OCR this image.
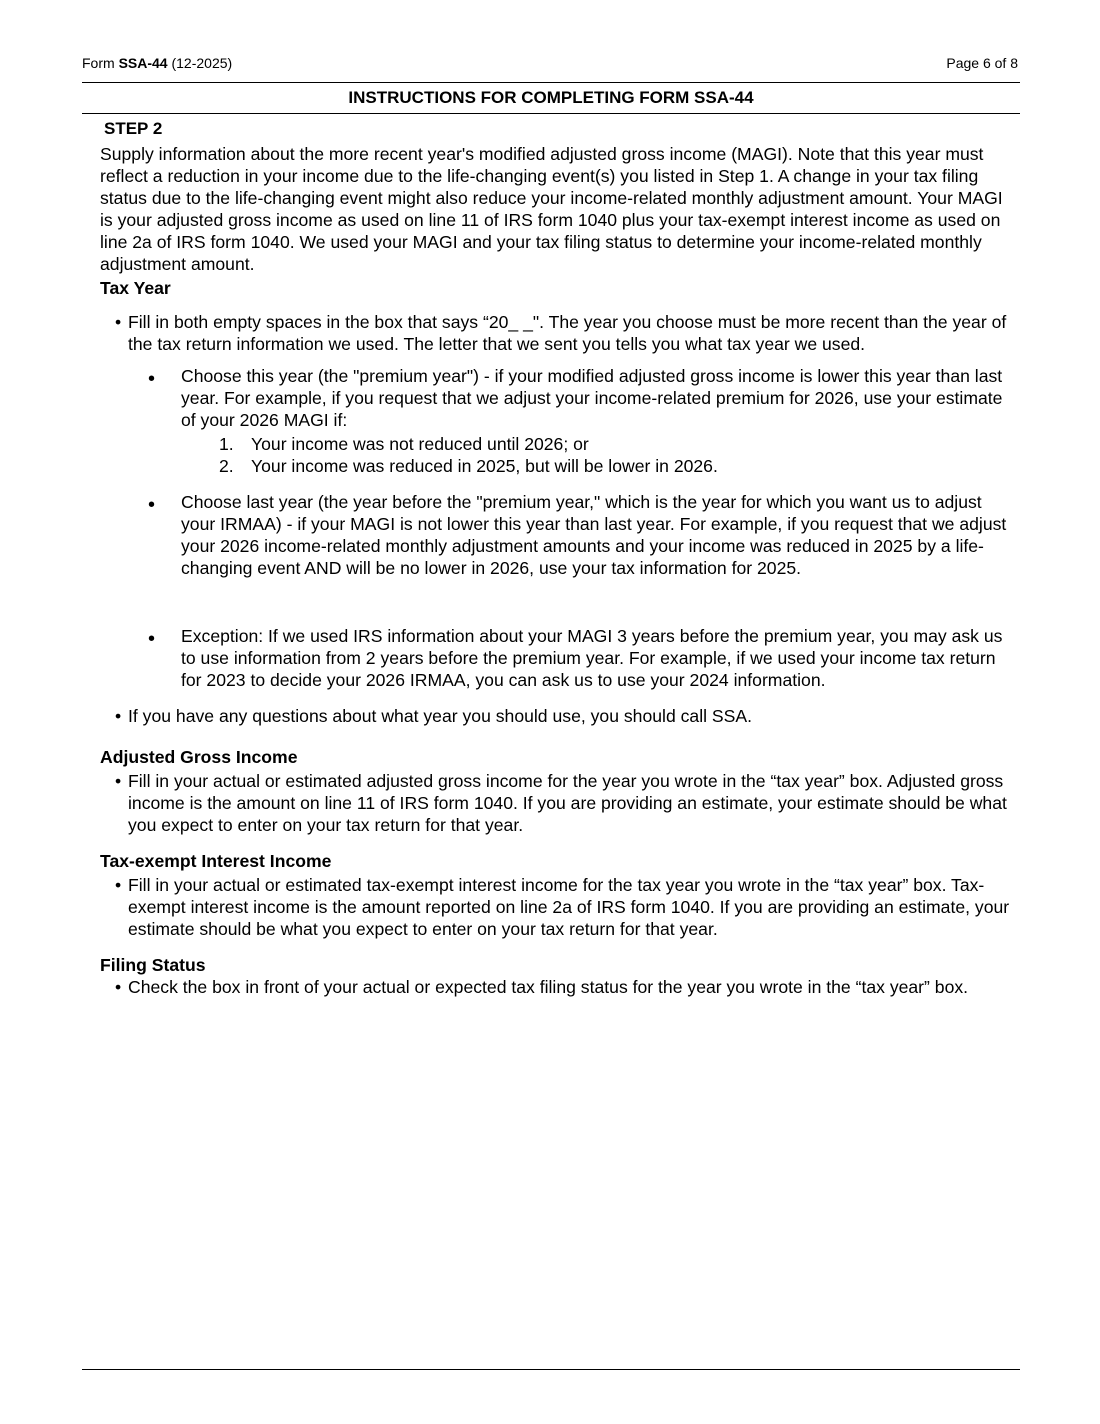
Form SSA-44 (12-2025)	Page 6 of 8
INSTRUCTIONS FOR COMPLETING FORM SSA-44
STEP 2

Supply information about the more recent year's modified adjusted gross income (MAGI). Note that this year must reflect a reduction in your income due to the life-changing event(s) you listed in Step 1. A change in your tax filing status due to the life-changing event might also reduce your income-related monthly adjustment amount. Your MAGI is your adjusted gross income as used on line 11 of IRS form 1040 plus your tax-exempt interest income as used on line 2a of IRS form 1040. We used your MAGI and your tax filing status to determine your income-related monthly adjustment amount.

Tax Year
• Fill in both empty spaces in the box that says “20_ _". The year you choose must be more recent than the year of the tax return information we used. The letter that we sent you tells you what tax year we used.
• Choose this year (the "premium year") - if your modified adjusted gross income is lower this year than last year. For example, if you request that we adjust your income-related premium for 2026, use your estimate of your 2026 MAGI if:
1. Your income was not reduced until 2026; or
2. Your income was reduced in 2025, but will be lower in 2026.
• Choose last year (the year before the "premium year," which is the year for which you want us to adjust your IRMAA) - if your MAGI is not lower this year than last year. For example, if you request that we adjust your 2026 income-related monthly adjustment amounts and your income was reduced in 2025 by a life-changing event AND will be no lower in 2026, use your tax information for 2025.
• Exception: If we used IRS information about your MAGI 3 years before the premium year, you may ask us to use information from 2 years before the premium year. For example, if we used your income tax return for 2023 to decide your 2026 IRMAA, you can ask us to use your 2024 information.
• If you have any questions about what year you should use, you should call SSA.
Adjusted Gross Income
• Fill in your actual or estimated adjusted gross income for the year you wrote in the “tax year” box. Adjusted gross income is the amount on line 11 of IRS form 1040. If you are providing an estimate, your estimate should be what you expect to enter on your tax return for that year.
Tax-exempt Interest Income
• Fill in your actual or estimated tax-exempt interest income for the tax year you wrote in the “tax year” box. Tax-exempt interest income is the amount reported on line 2a of IRS form 1040. If you are providing an estimate, your estimate should be what you expect to enter on your tax return for that year.
Filing Status
• Check the box in front of your actual or expected tax filing status for the year you wrote in the “tax year” box.
